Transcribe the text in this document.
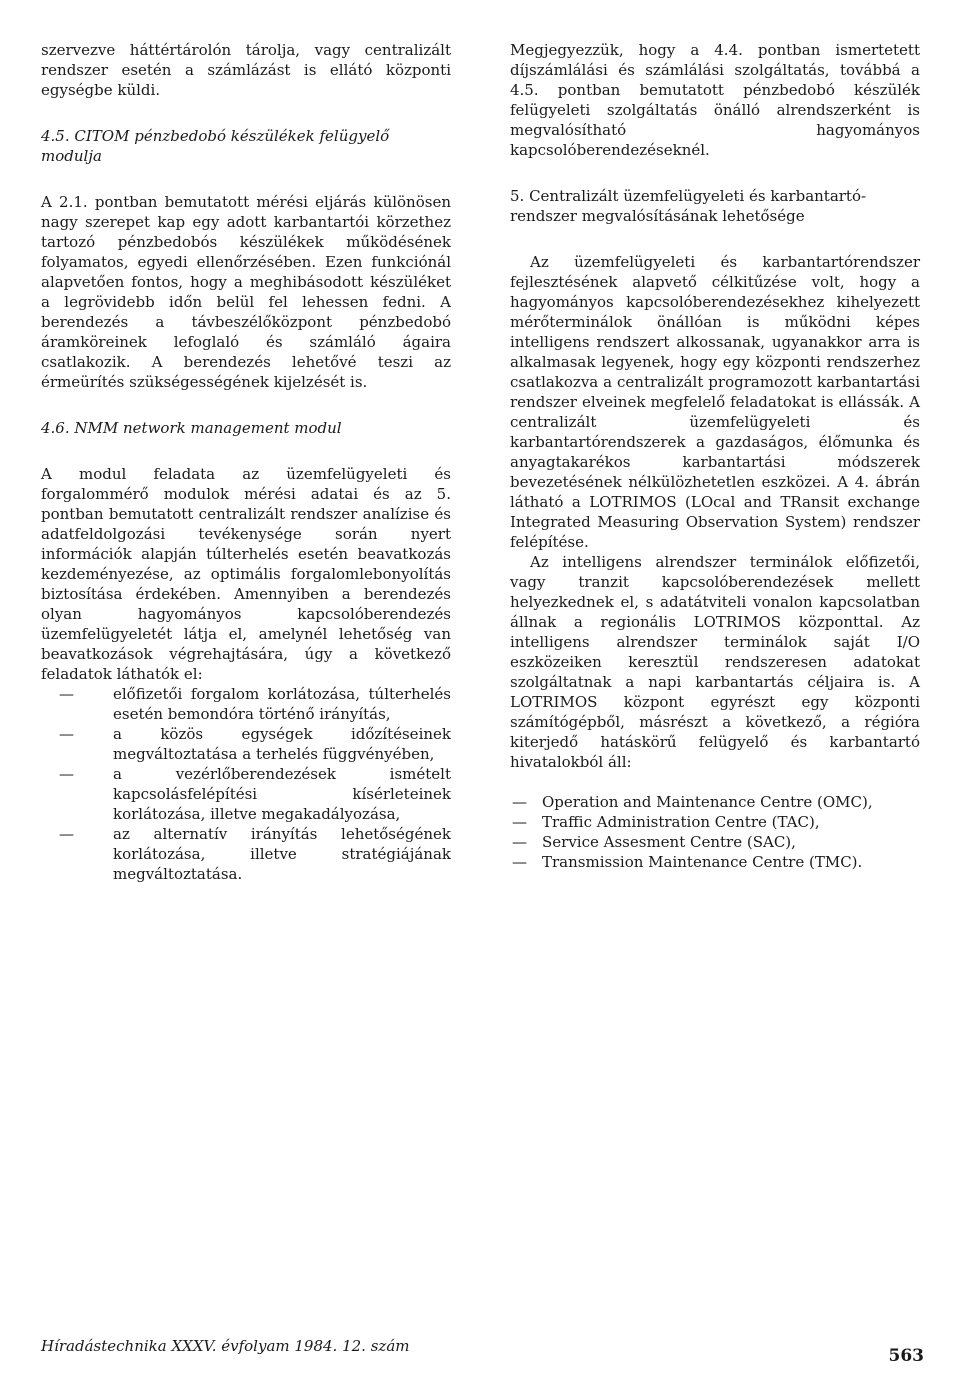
szervezve háttértárolón tárolja, vagy centralizált rendszer esetén a számlázást is ellátó központi egységbe küldi.

4.5. CITOM pénzbedobó készülékek felügyelő modulja

A 2.1. pontban bemutatott mérési eljárás különösen nagy szerepet kap egy adott karbantartói körzethez tartozó pénzbedobós készülékek működésének folyamatos, egyedi ellenőrzésében. Ezen funkciónál alapvetően fontos, hogy a meghibásodott készüléket a legrövidebb időn belül fel lehessen fedni. A berendezés a távbeszélőközpont pénzbedobó áramköreinek lefoglaló és számláló ágaira csatlakozik. A berendezés lehetővé teszi az érmeürítés szükségességének kijelzését is.

4.6. NMM network management modul

A modul feladata az üzemfelügyeleti és forgalommérő modulok mérési adatai és az 5. pontban bemutatott centralizált rendszer analízise és adatfeldolgozási tevékenysége során nyert információk alapján túlterhelés esetén beavatkozás kezdeményezése, az optimális forgalomlebonyolítás biztosítása érdekében. Amennyiben a berendezés olyan hagyományos kapcsolóberendezés üzemfelügyeletét látja el, amelynél lehetőség van beavatkozások végrehajtására, úgy a következő feladatok láthatók el:

— előfizetői forgalom korlátozása, túlterhelés esetén bemondóra történő irányítás,
— a közös egységek időzítéseinek megváltoztatása a terhelés függvényében,
— a vezérlőberendezések ismételt kapcsolásfelépítési kísérleteinek korlátozása, illetve megakadályozása,
— az alternatív irányítás lehetőségének korlátozása, illetve stratégiájának megváltoztatása.

Megjegyezzük, hogy a 4.4. pontban ismertetett díjszámlálási és számlálási szolgáltatás, továbbá a 4.5. pontban bemutatott pénzbedobó készülék felügyeleti szolgáltatás önálló alrendszerként is megvalósítható hagyományos kapcsolóberendezéseknél.

5. Centralizált üzemfelügyeleti és karbantartó-rendszer megvalósításának lehetősége

Az üzemfelügyeleti és karbantartórendszer fejlesztésének alapvető célkitűzése volt, hogy a hagyományos kapcsolóberendezésekhez kihelyezett mérőterminálok önállóan is működni képes intelligens rendszert alkossanak, ugyanakkor arra is alkalmasak legyenek, hogy egy központi rendszerhez csatlakozva a centralizált programozott karbantartási rendszer elveinek megfelelő feladatokat is ellássák. A centralizált üzemfelügyeleti és karbantartórendszerek a gazdaságos, élőmunka és anyagtakarékos karbantartási módszerek bevezetésének nélkülözhetetlen eszközei. A 4. ábrán látható a LOTRIMOS (LOcal and TRansit exchange Integrated Measuring Observation System) rendszer felépítése.

Az intelligens alrendszer terminálok előfizetői, vagy tranzit kapcsolóberendezések mellett helyezkednek el, s adatátviteli vonalon kapcsolatban állnak a regionális LOTRIMOS központtal. Az intelligens alrendszer terminálok saját I/O eszközeiken keresztül rendszeresen adatokat szolgáltatnak a napi karbantartás céljaira is. A LOTRIMOS központ egyrészt egy központi számítógépből, másrészt a következő, a régióra kiterjedő hatáskörű felügyelő és karbantartó hivatalokból áll:

— Operation and Maintenance Centre (OMC),
— Traffic Administration Centre (TAC),
— Service Assesment Centre (SAC),
— Transmission Maintenance Centre (TMC).
Híradástechnika XXXV. évfolyam 1984. 12. szám	563
